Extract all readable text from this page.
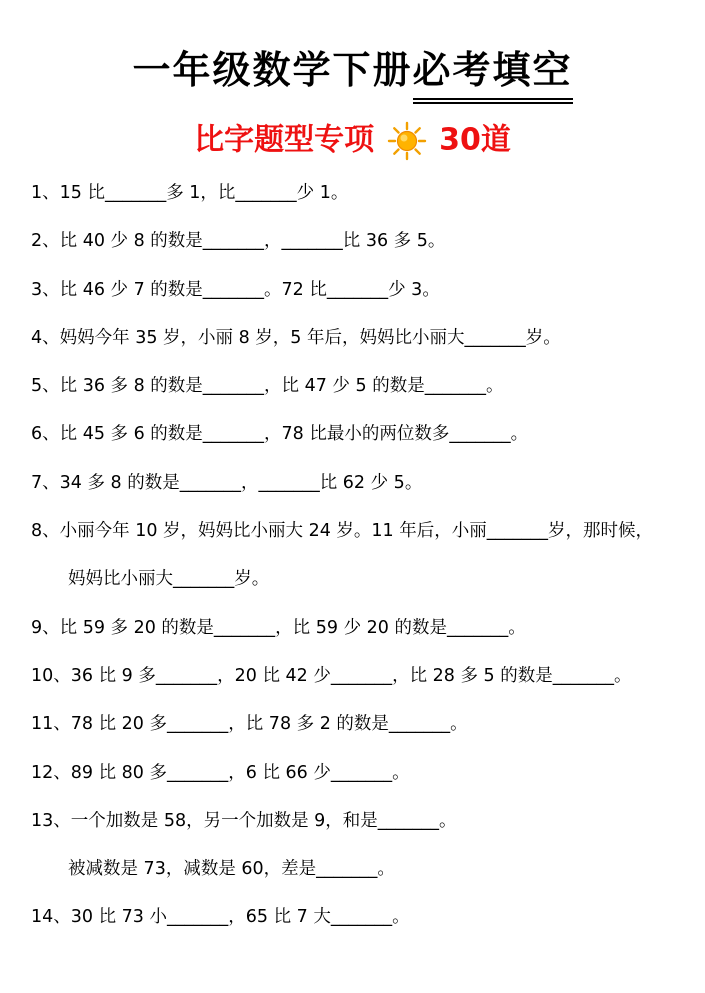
一年级数学下册必考填空
比字题型专项 30道
1、15 比_______多 1，比_______少 1。
2、比 40 少 8 的数是_______，_______比 36 多 5。
3、比 46 少 7 的数是_______。72 比_______少 3。
4、妈妈今年 35 岁，小丽 8 岁，5 年后，妈妈比小丽大_______岁。
5、比 36 多 8 的数是_______，比 47 少 5 的数是_______。
6、比 45 多 6 的数是_______，78 比最小的两位数多_______。
7、34 多 8 的数是_______，_______比 62 少 5。
8、小丽今年 10 岁，妈妈比小丽大 24 岁。11 年后，小丽_______岁，那时候，
妈妈比小丽大_______岁。
9、比 59 多 20 的数是_______，比 59 少 20 的数是_______。
10、36 比 9 多_______，20 比 42 少_______，比 28 多 5 的数是_______。
11、78 比 20 多_______，比 78 多 2 的数是_______。
12、89 比 80 多_______，6 比 66 少_______。
13、一个加数是 58，另一个加数是 9，和是_______。
被减数是 73，减数是 60，差是_______。
14、30 比 73 小_______，65 比 7 大_______。
